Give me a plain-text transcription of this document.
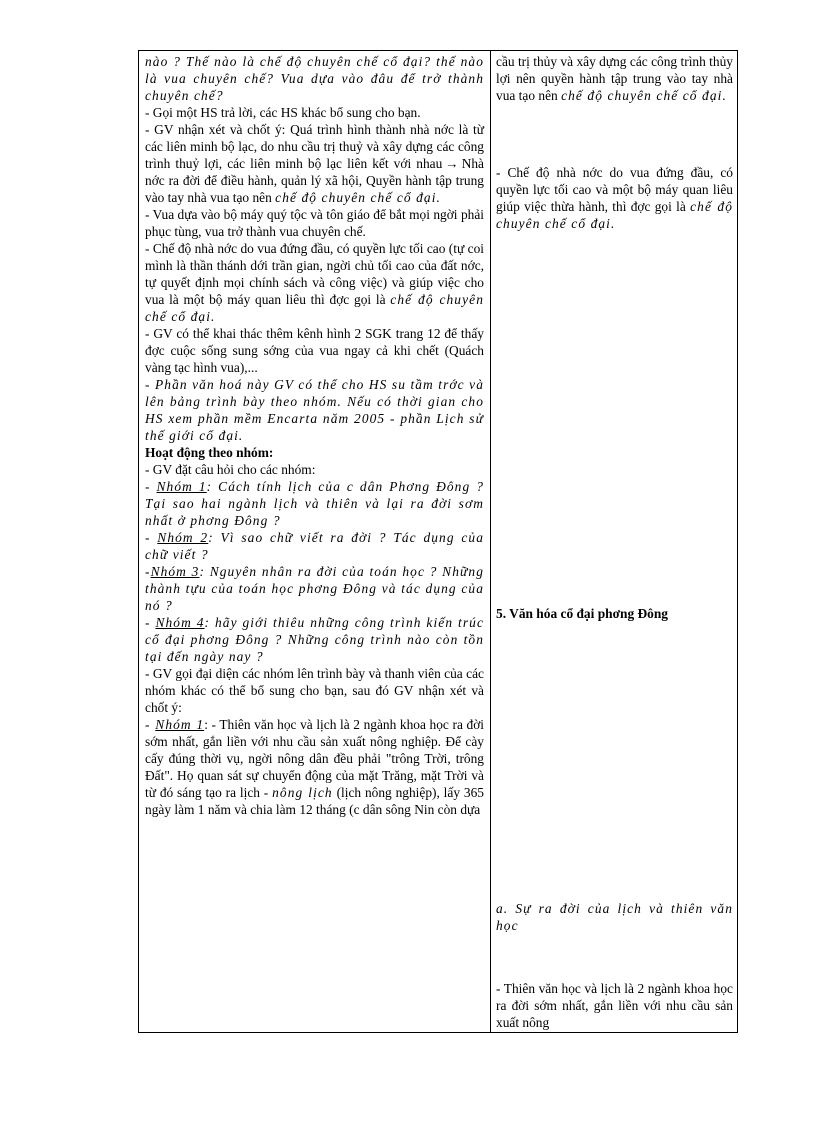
nào ? Thế nào là chế độ chuyên chế cổ đại? thế nào là vua chuyên chế? Vua dựa vào đâu để trở thành chuyên chế?

- Gọi một HS trả lời, các HS khác bổ sung cho bạn.

- GV nhận xét và chốt ý: Quá trình hình thành nhà nớc là từ các liên minh bộ lạc, do nhu cầu trị thuỷ và xây dựng các công trình thuỷ lợi, các liên minh bộ lạc liên kết với nhau → Nhà nớc ra đời để điều hành, quản lý xã hội, Quyền hành tập trung vào tay nhà vua tạo nên chế độ chuyên chế cổ đại.

- Vua dựa vào bộ máy quý tộc và tôn giáo để bắt mọi ngời phải phục tùng, vua trở thành vua chuyên chế.

- Chế độ nhà nớc do vua đứng đầu, có quyền lực tối cao (tự coi mình là thần thánh dới trần gian, ngời chủ tối cao của đất nớc, tự quyết định mọi chính sách và công việc) và giúp việc cho vua là một bộ máy quan liêu thì đợc gọi là chế độ chuyên chế cổ đại.

- GV có thể khai thác thêm kênh hình 2 SGK trang 12 để thấy đợc cuộc sống sung sớng của vua ngay cả khi chết (Quách vàng tạc hình vua),...

- Phần văn hoá này GV có thể cho HS su tầm trớc và lên bảng trình bày theo nhóm. Nếu có thời gian cho HS xem phần mềm Encarta năm 2005 - phần Lịch sử thế giới cổ đại.

Hoạt động theo nhóm:

- GV đặt câu hỏi cho các nhóm:

- Nhóm 1: Cách tính lịch của c dân Phơng Đông ? Tại sao hai ngành lịch và thiên và lại ra đời sơm nhất ở phơng Đông ?

- Nhóm 2: Vì sao chữ viết ra đời ? Tác dụng của chữ viết ?

-Nhóm 3: Nguyên nhân ra đời của toán học ? Những thành tựu của toán học phơng Đông và tác dụng của nó ?

- Nhóm 4: hãy giới thiêu những công trình kiến trúc cổ đại phơng Đông ? Những công trình nào còn tồn tại đến ngày nay ?

- GV gọi đại diện các nhóm lên trình bày và thanh viên của các nhóm khác có thể bổ sung cho bạn, sau đó GV nhận xét và chốt ý:

- Nhóm 1: - Thiên văn học và lịch là 2 ngành khoa học ra đời sớm nhất, gắn liền với nhu cầu sản xuất nông nghiệp. Để cày cấy đúng thời vụ, ngời nông dân đều phải "trông Trời, trông Đất". Họ quan sát sự chuyển động của mặt Trăng, mặt Trời và từ đó sáng tạo ra lịch - nông lịch (lịch nông nghiệp), lấy 365 ngày làm 1 năm và chia làm 12 tháng (c dân sông Nin còn dựa

cầu trị thủy và xây dựng các công trình thủy lợi nên quyền hành tập trung vào tay nhà vua tạo nên chế độ chuyên chế cổ đại.

- Chế độ nhà nớc do vua đứng đầu, có quyền lực tối cao và một bộ máy quan liêu giúp việc thừa hành, thì đợc gọi là chế độ chuyên chế cổ đại.

5. Văn hóa cổ đại phơng Đông

a. Sự ra đời của lịch và thiên văn học

- Thiên văn học và lịch là 2 ngành khoa học ra đời sớm nhất, gắn liền với nhu cầu sản xuất nông
